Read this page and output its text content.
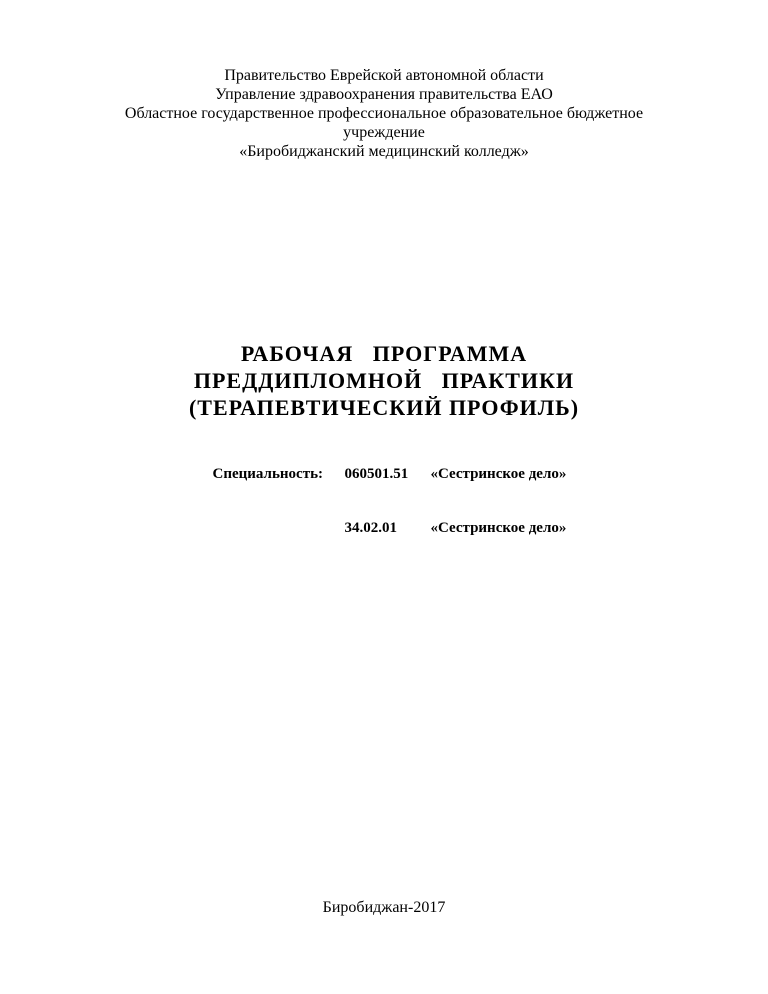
Правительство Еврейской автономной области
Управление здравоохранения правительства ЕАО
Областное государственное профессиональное образовательное бюджетное
учреждение
«Биробиджанский медицинский колледж»
РАБОЧАЯ   ПРОГРАММА
ПРЕДДИПЛОМНОЙ   ПРАКТИКИ
(ТЕРАПЕВТИЧЕСКИЙ ПРОФИЛЬ)

Специальность: 060501.51 «Сестринское дело»

34.02.01 «Сестринское дело»

Биробиджан-2017
